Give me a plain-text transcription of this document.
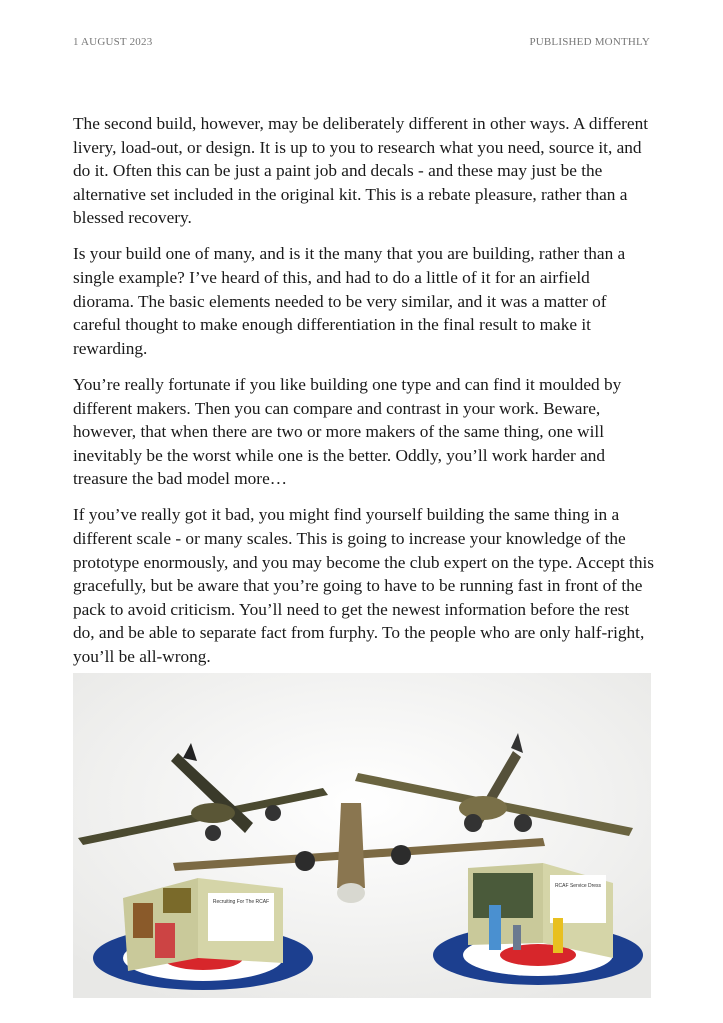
1 AUGUST 2023	PUBLISHED MONTHLY

The second build, however, may be deliberately different in other ways. A different livery, load-out, or design. It is up to you to research what you need, source it, and do it. Often this can be just a paint job and decals - and these may just be the alternative set included in the original kit. This is a rebate pleasure, rather than a blessed recovery.

Is your build one of many, and is it the many that you are building, rather than a single example? I’ve heard of this, and had to do a little of it for an airfield diorama. The basic elements needed to be very similar, and it was a matter of careful thought to make enough differentiation in the final result to make it rewarding.

You’re really fortunate if you like building one type and can find it moulded by different makers. Then you can compare and contrast in your work. Beware, however, that when there are two or more makers of the same thing, one will inevitably be the worst while one is the better. Oddly, you’ll work harder and treasure the bad model more…

If you’ve really got it bad, you might find yourself building the same thing in a different scale - or many scales. This is going to increase your knowledge of the prototype enormously, and you may become the club expert on the type. Accept this gracefully, but be aware that you’re going to have to be running fast in front of the pack to avoid criticism. You’ll need to get the newest information before the rest do, and be able to separate fact from furphy. To the people who are only half-right, you’ll be all-wrong.

Recruiting For The RCAF
RCAF Service Dress
